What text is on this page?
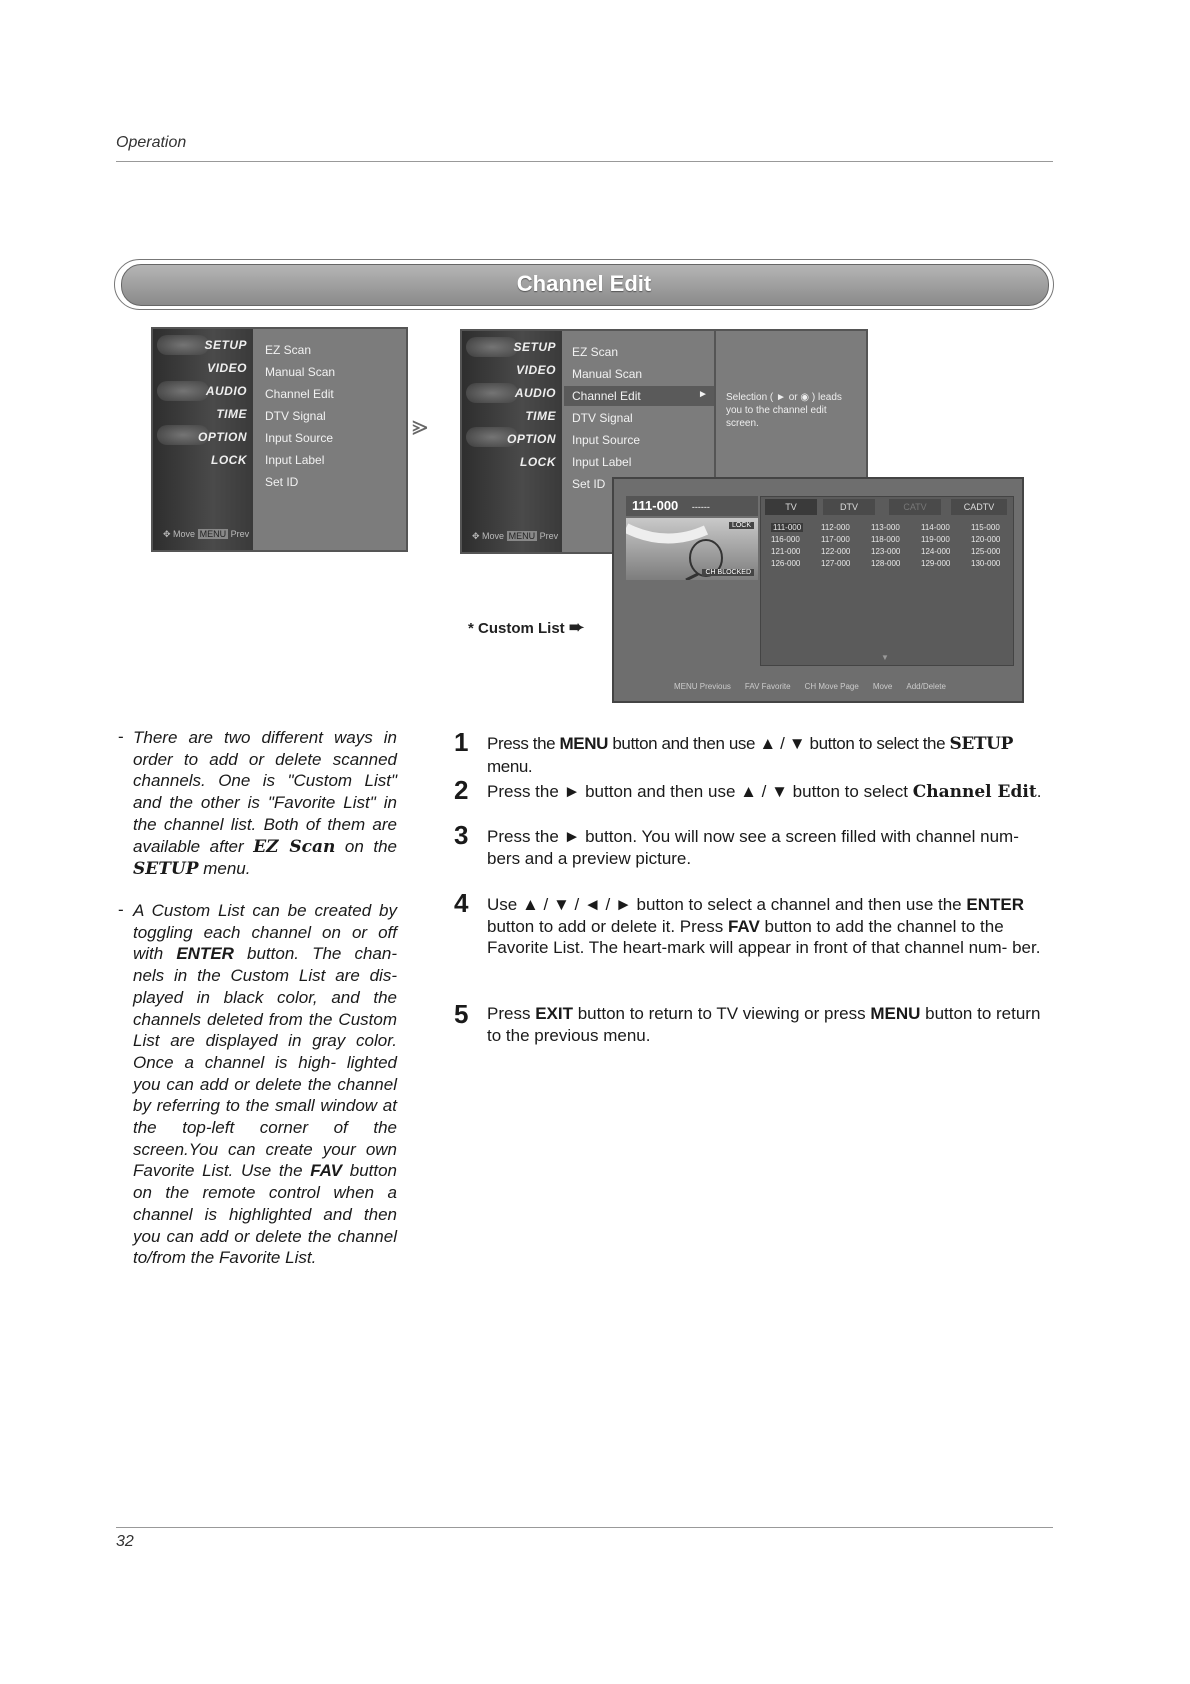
Operation
Channel Edit
SETUP
VIDEO
AUDIO
TIME
OPTION
LOCK
✥ Move MENU Prev
EZ Scan
Manual Scan
Channel Edit
DTV Signal
Input Source
Input Label
Set ID
⪢
SETUP
VIDEO
AUDIO
TIME
OPTION
LOCK
✥ Move MENU Prev
EZ Scan
Manual Scan
Channel Edit	►
DTV Signal
Input Source
Input Label
Set ID
Selection ( ► or ◉ ) leads you to the channel edit screen.
111-000 ------
LOCK
CH BLOCKED
TV	DTV	CATV	CADTV
111-000 112-000	113-000	114-000	115-000
116-000	117-000	118-000	119-000	120-000
121-000	122-000	123-000	124-000	125-000
126-000	127-000	128-000	129-000	130-000
▼
MENU Previous FAV Favorite CH Move Page Move Add/Delete
* Custom List ➨
- There are two different ways in order to add or delete scanned channels. One is "Custom List" and the other is "Favorite List" in the channel list. Both of them are available after EZ Scan on the SETUP menu.
- A Custom List can be created by toggling each channel on or off with ENTER button. The chan- nels in the Custom List are dis- played in black color, and the channels deleted from the Custom List are displayed in gray color. Once a channel is high- lighted you can add or delete the channel by referring to the small window at the top-left corner of the screen.You can create your own Favorite List. Use the FAV button on the remote control when a channel is highlighted and then you can add or delete the channel to/from the Favorite List.
1 Press the MENU button and then use ▲ / ▼ button to select the SETUP menu.
2 Press the ► button and then use ▲ / ▼ button to select Channel Edit.
3 Press the ► button. You will now see a screen filled with channel num- bers and a preview picture.
4 Use ▲ / ▼ / ◄ / ► button to select a channel and then use the ENTER button to add or delete it. Press FAV button to add the channel to the Favorite List. The heart-mark will appear in front of that channel num- ber.
5 Press EXIT button to return to TV viewing or press MENU button to return to the previous menu.
32
